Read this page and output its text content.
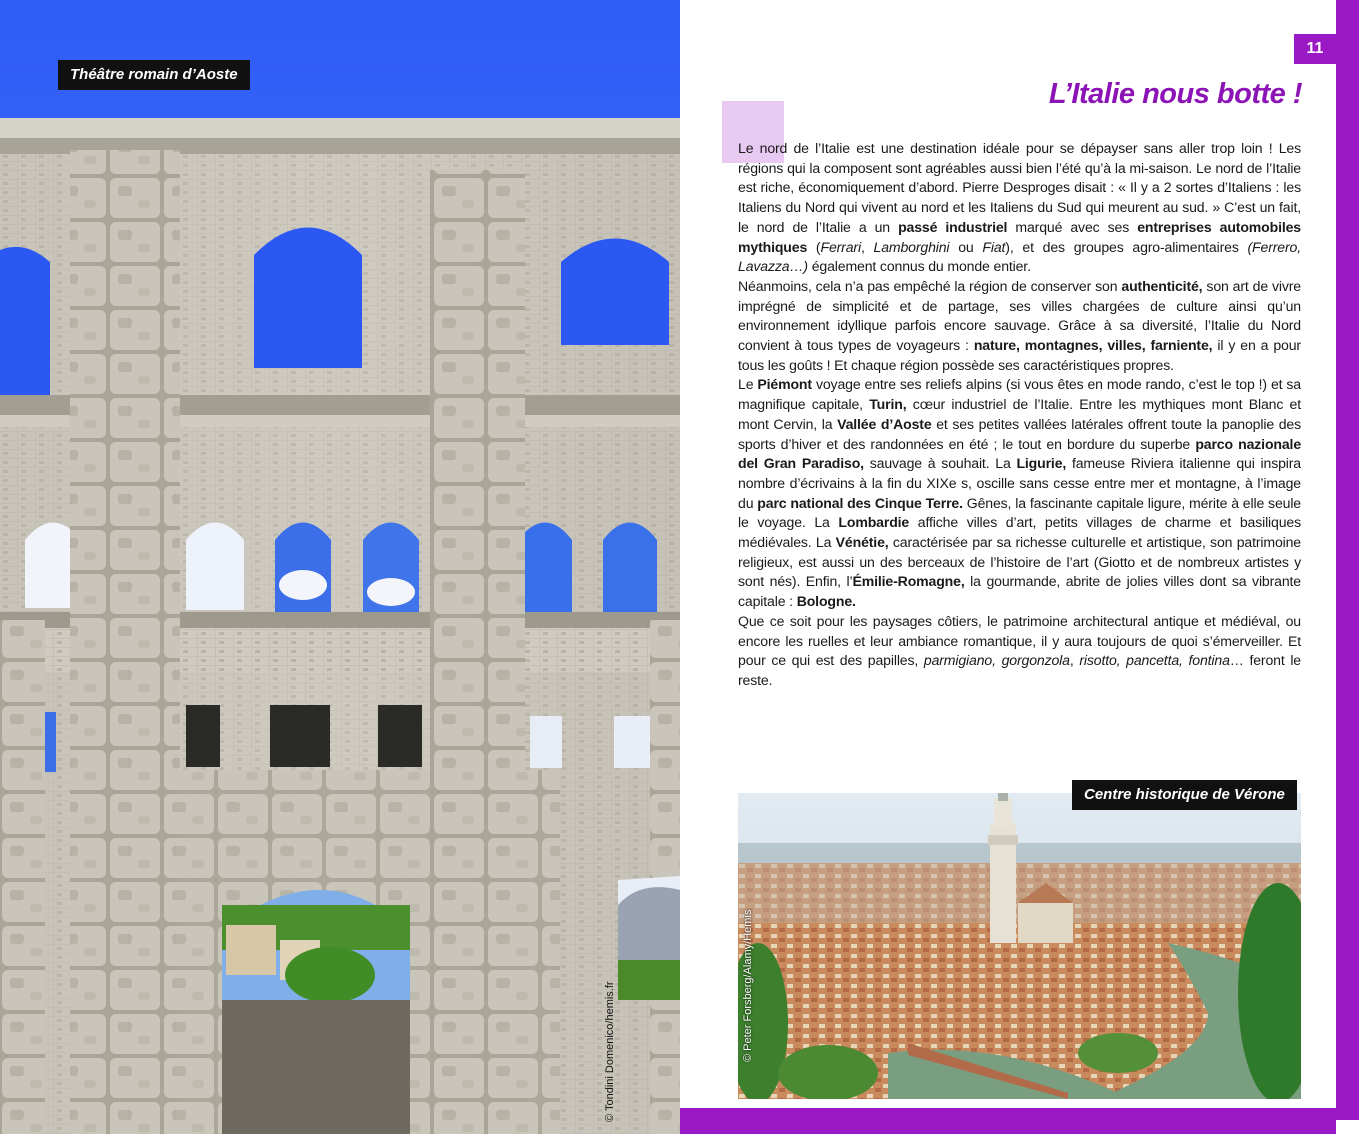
Théâtre romain d’Aoste
© Tondini Domenico/hemis.fr
11
L’Italie nous botte !

Le nord de l’Italie est une destination idéale pour se dépayser sans aller trop loin ! Les régions qui la composent sont agréables aussi bien l’été qu’à la mi-saison. Le nord de l’Italie est riche, économiquement d’abord. Pierre Desproges disait : « Il y a 2 sortes d’Italiens : les Italiens du Nord qui vivent au nord et les Italiens du Sud qui meurent au sud. » C’est un fait, le nord de l’Italie a un passé industriel marqué avec ses entreprises automobiles mythiques (Ferrari, Lamborghini ou Fiat), et des groupes agro-alimentaires (Ferrero, Lavazza…) également connus du monde entier.

Néanmoins, cela n’a pas empêché la région de conserver son authenticité, son art de vivre imprégné de simplicité et de partage, ses villes chargées de culture ainsi qu’un environnement idyllique parfois encore sauvage. Grâce à sa diversité, l’Italie du Nord convient à tous types de voyageurs : nature, montagnes, villes, farniente, il y en a pour tous les goûts ! Et chaque région possède ses caractéristiques propres.

Le Piémont voyage entre ses reliefs alpins (si vous êtes en mode rando, c’est le top !) et sa magnifique capitale, Turin, cœur industriel de l’Italie. Entre les mythiques mont Blanc et mont Cervin, la Vallée d’Aoste et ses petites vallées latérales offrent toute la panoplie des sports d’hiver et des randonnées en été ; le tout en bordure du superbe parco nazionale del Gran Paradiso, sauvage à souhait. La Ligurie, fameuse Riviera italienne qui inspira nombre d’écrivains à la fin du XIXe s, oscille sans cesse entre mer et montagne, à l’image du parc national des Cinque Terre. Gênes, la fascinante capitale ligure, mérite à elle seule le voyage. La Lombardie affiche villes d’art, petits villages de charme et basiliques médiévales. La Vénétie, caractérisée par sa richesse culturelle et artistique, son patrimoine religieux, est aussi un des berceaux de l’histoire de l’art (Giotto et de nombreux artistes y sont nés). Enfin, l’Émilie-Romagne, la gourmande, abrite de jolies villes dont sa vibrante capitale : Bologne.

Que ce soit pour les paysages côtiers, le patrimoine architectural antique et médiéval, ou encore les ruelles et leur ambiance romantique, il y aura toujours de quoi s’émerveiller. Et pour ce qui est des papilles, parmigiano, gorgonzola, risotto, pancetta, fontina… feront le reste.

Centre historique de Vérone
© Peter Forsberg/Alamy/Hemis
